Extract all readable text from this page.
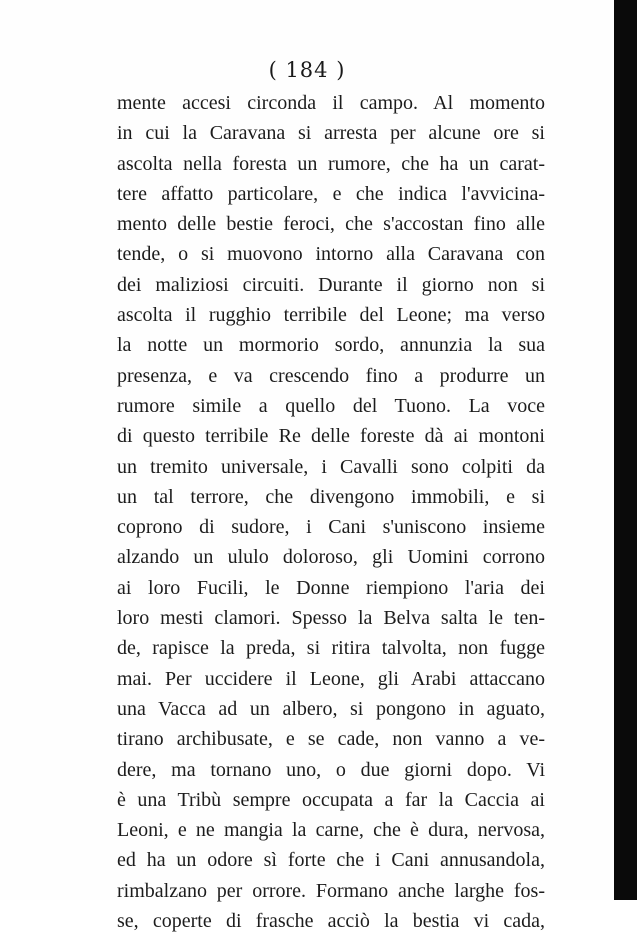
( 184 )
mente accesi circonda il campo. Al momento
in cui la Caravana si arresta per alcune ore si
ascolta nella foresta un rumore, che ha un carat-
tere affatto particolare, e che indica l'avvicina-
mento delle bestie feroci, che s'accostan fino alle
tende, o si muovono intorno alla Caravana con
dei maliziosi circuiti. Durante il giorno non si
ascolta il rugghio terribile del Leone; ma verso
la notte un mormorio sordo, annunzia la sua
presenza, e va crescendo fino a produrre un
rumore simile a quello del Tuono. La voce
di questo terribile Re delle foreste dà ai montoni
un tremito universale, i Cavalli sono colpiti da
un tal terrore, che divengono immobili, e si
coprono di sudore, i Cani s'uniscono insieme
alzando un ululo doloroso, gli Uomini corrono
ai loro Fucili, le Donne riempiono l'aria dei
loro mesti clamori. Spesso la Belva salta le ten-
de, rapisce la preda, si ritira talvolta, non fugge
mai. Per uccidere il Leone, gli Arabi attaccano
una Vacca ad un albero, si pongono in aguato,
tirano archibusate, e se cade, non vanno a ve-
dere, ma tornano uno, o due giorni dopo. Vi
è una Tribù sempre occupata a far la Caccia ai
Leoni, e ne mangia la carne, che è dura, nervosa,
ed ha un odore sì forte che i Cani annusandola,
rimbalzano per orrore. Formano anche larghe fos-
se, coperte di frasche acciò la bestia vi cada,
